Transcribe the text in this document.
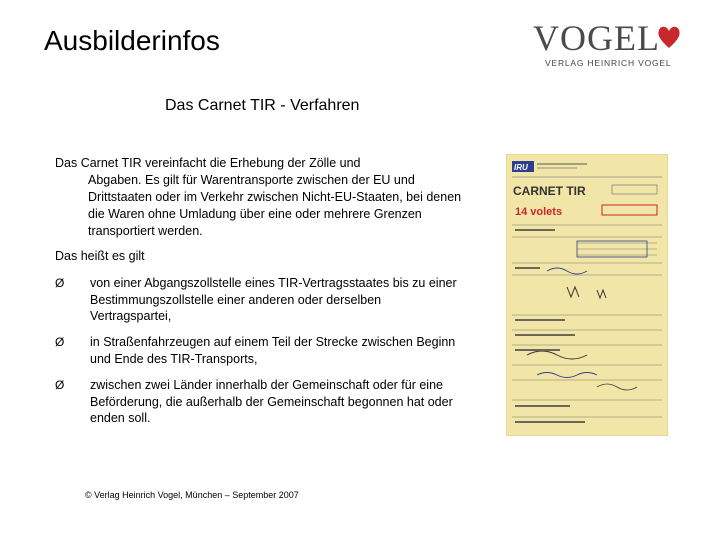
Ausbilderinfos	VOGEL
VERLAG HEINRICH VOGEL
Das Carnet TIR - Verfahren
Das Carnet TIR vereinfacht die Erhebung der Zölle und
Abgaben. Es gilt für Warentransporte zwischen der EU und Drittstaaten oder im Verkehr zwischen Nicht-EU-Staaten, bei denen die Waren ohne Umladung über eine oder mehrere Grenzen transportiert werden.
Das heißt es gilt
Ø von einer Abgangszollstelle eines TIR-Vertragsstaates bis zu einer Bestimmungszollstelle einer anderen oder derselben Vertragspartei,
Ø in Straßenfahrzeugen auf einem Teil der Strecke zwischen Beginn und Ende des TIR-Transports,
Ø zwischen zwei Länder innerhalb der Gemeinschaft oder für eine Beförderung, die außerhalb der Gemeinschaft begonnen hat oder enden soll.
© Verlag Heinrich Vogel, München – September 2007
IRU
CARNET TIR
14 volets
